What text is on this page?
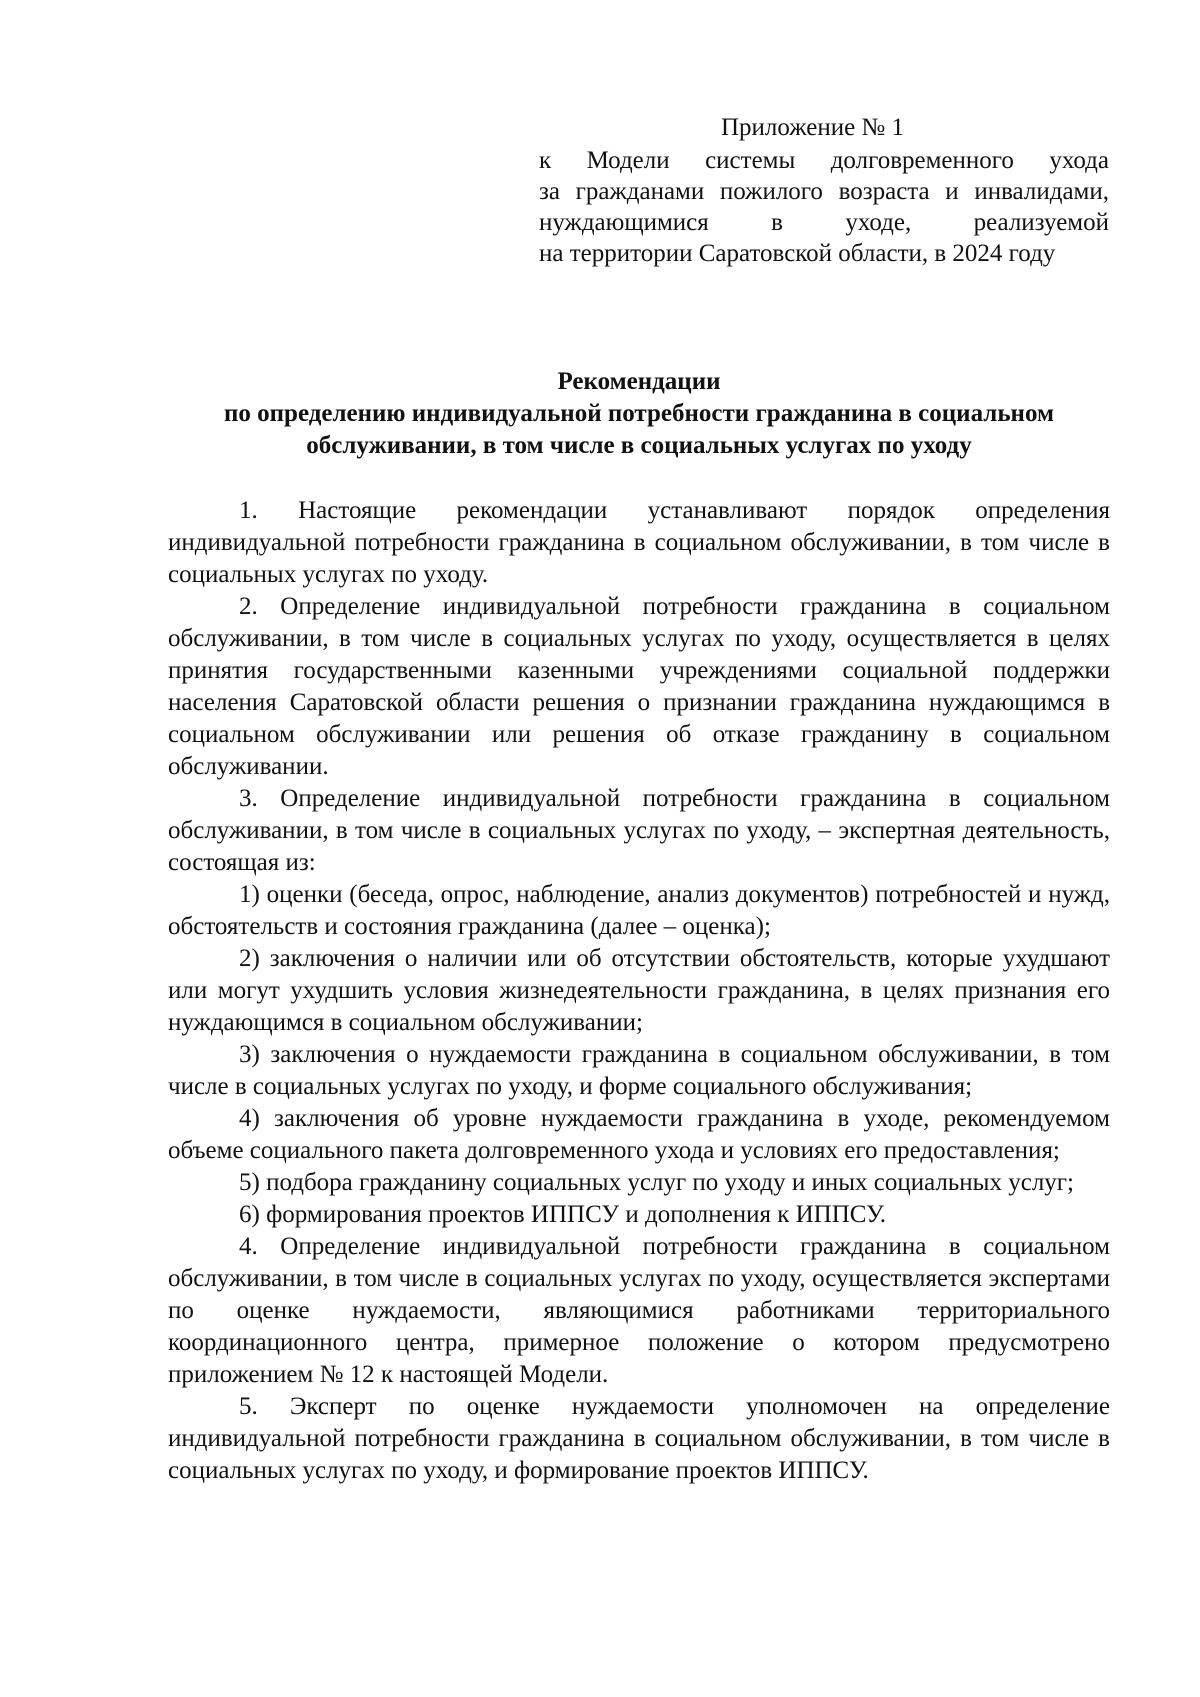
Приложение № 1

к Модели системы долговременного ухода

за гражданами пожилого возраста и инвалидами,

нуждающимися в уходе, реализуемой

на территории Саратовской области, в 2024 году

Рекомендации
по определению индивидуальной потребности гражданина в социальном
обслуживании, в том числе в социальных услугах по уходу

1. Настоящие рекомендации устанавливают порядок определения индивидуальной потребности гражданина в социальном обслуживании, в том числе в социальных услугах по уходу.

2. Определение индивидуальной потребности гражданина в социальном обслуживании, в том числе в социальных услугах по уходу, осуществляется в целях принятия государственными казенными учреждениями социальной поддержки населения Саратовской области решения о признании гражданина нуждающимся в социальном обслуживании или решения об отказе гражданину в социальном обслуживании.

3. Определение индивидуальной потребности гражданина в социальном обслуживании, в том числе в социальных услугах по уходу, – экспертная деятельность, состоящая из:

1) оценки (беседа, опрос, наблюдение, анализ документов) потребностей и нужд, обстоятельств и состояния гражданина (далее – оценка);

2) заключения о наличии или об отсутствии обстоятельств, которые ухудшают или могут ухудшить условия жизнедеятельности гражданина, в целях признания его нуждающимся в социальном обслуживании;

3) заключения о нуждаемости гражданина в социальном обслуживании, в том числе в социальных услугах по уходу, и форме социального обслуживания;

4) заключения об уровне нуждаемости гражданина в уходе, рекомендуемом объеме социального пакета долговременного ухода и условиях его предоставления;

5) подбора гражданину социальных услуг по уходу и иных социальных услуг;

6) формирования проектов ИППСУ и дополнения к ИППСУ.

4. Определение индивидуальной потребности гражданина в социальном обслуживании, в том числе в социальных услугах по уходу, осуществляется экспертами по оценке нуждаемости, являющимися работниками территориального координационного центра, примерное положение о котором предусмотрено приложением № 12 к настоящей Модели.

5. Эксперт по оценке нуждаемости уполномочен на определение индивидуальной потребности гражданина в социальном обслуживании, в том числе в социальных услугах по уходу, и формирование проектов ИППСУ.
